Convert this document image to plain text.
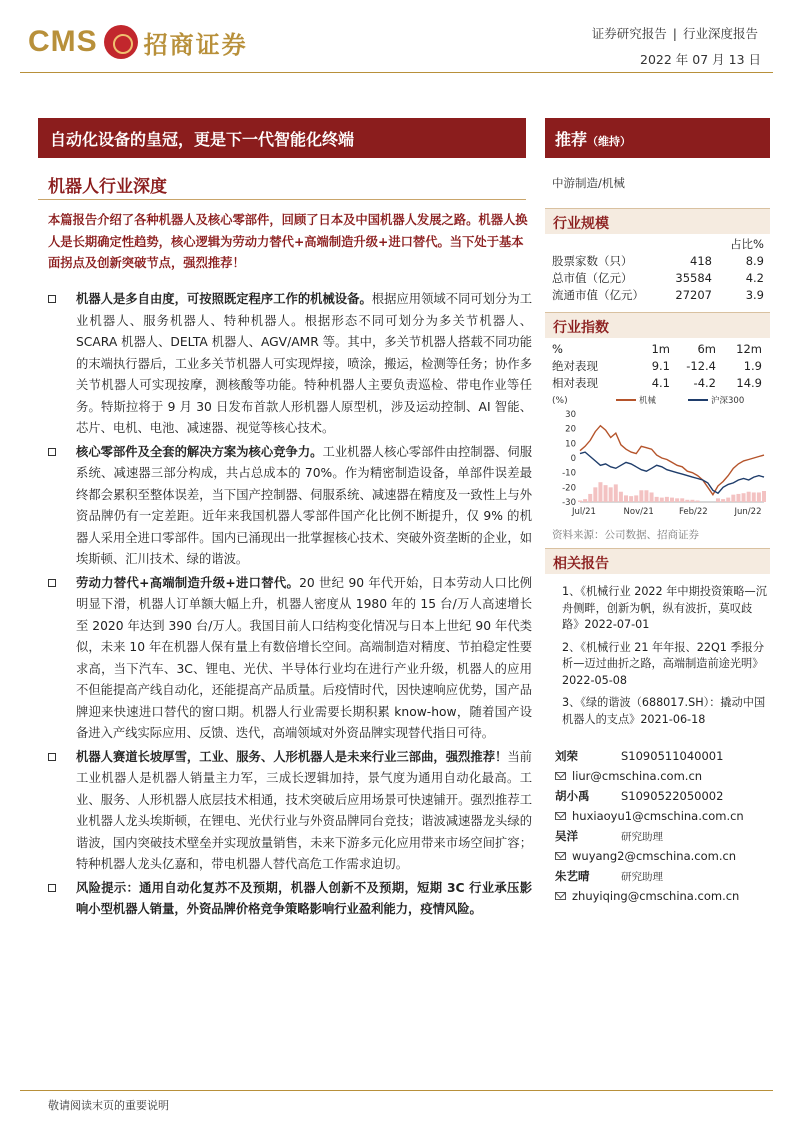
CMS 招商证券	证券研究报告 | 行业深度报告
2022 年 07 月 13 日
自动化设备的皇冠，更是下一代智能化终端
机器人行业深度
本篇报告介绍了各种机器人及核心零部件，回顾了日本及中国机器人发展之路。机器人换人是长期确定性趋势，核心逻辑为劳动力替代+高端制造升级+进口替代。当下处于基本面拐点及创新突破节点，强烈推荐！
机器人是多自由度，可按照既定程序工作的机械设备。根据应用领域不同可划分为工业机器人、服务机器人、特种机器人。根据形态不同可划分为多关节机器人、SCARA 机器人、DELTA 机器人、AGV/AMR 等。其中，多关节机器人搭载不同功能的末端执行器后，工业多关节机器人可实现焊接，喷涂，搬运，检测等任务；协作多关节机器人可实现按摩，测核酸等功能。特种机器人主要负责巡检、带电作业等任务。特斯拉将于 9 月 30 日发布首款人形机器人原型机，涉及运动控制、AI 智能、芯片、电机、电池、减速器、视觉等核心技术。
核心零部件及全套的解决方案为核心竞争力。工业机器人核心零部件由控制器、伺服系统、减速器三部分构成，共占总成本的 70%。作为精密制造设备，单部件误差最终都会累积至整体误差，当下国产控制器、伺服系统、减速器在精度及一致性上与外资品牌仍有一定差距。近年来我国机器人零部件国产化比例不断提升，仅 9% 的机器人采用全进口零部件。国内已涌现出一批掌握核心技术、突破外资垄断的企业，如埃斯顿、汇川技术、绿的谐波。
劳动力替代+高端制造升级+进口替代。20 世纪 90 年代开始，日本劳动人口比例明显下滑，机器人订单额大幅上升，机器人密度从 1980 年的 15 台/万人高速增长至 2020 年达到 390 台/万人。我国目前人口结构变化情况与日本上世纪 90 年代类似，未来 10 年在机器人保有量上有数倍增长空间。高端制造对精度、节拍稳定性要求高，当下汽车、3C、锂电、光伏、半导体行业均在进行产业升级，机器人的应用不但能提高产线自动化，还能提高产品质量。后疫情时代，因快速响应优势，国产品牌迎来快速进口替代的窗口期。机器人行业需要长期积累 know-how，随着国产设备进入产线实际应用、反馈、迭代，高端领域对外资品牌实现替代指日可待。
机器人赛道长坡厚雪，工业、服务、人形机器人是未来行业三部曲，强烈推荐！当前工业机器人是机器人销量主力军，三成长逻辑加持，景气度为通用自动化最高。工业、服务、人形机器人底层技术相通，技术突破后应用场景可快速铺开。强烈推荐工业机器人龙头埃斯顿，在锂电、光伏行业与外资品牌同台竞技；谐波减速器龙头绿的谐波，国内突破技术壁垒并实现放量销售，未来下游多元化应用带来市场空间扩容；特种机器人龙头亿嘉和，带电机器人替代高危工作需求迫切。
风险提示：通用自动化复苏不及预期，机器人创新不及预期，短期 3C 行业承压影响小型机器人销量，外资品牌价格竞争策略影响行业盈利能力，疫情风险。
推荐（维持）
中游制造/机械
行业规模
占比%
股票家数（只）	418	8.9
总市值（亿元）	35584	4.2
流通市值（亿元）	27207	3.9
行业指数
%	1m	6m	12m
绝对表现	9.1	-12.4	1.9
相对表现	4.1	-4.2	14.9
(%)
30
20
10
0
-10
-20
-30
Jul/21	Nov/21	Feb/22	Jun/22
机械	沪深300
资料来源：公司数据、招商证券
相关报告
1、《机械行业 2022 年中期投资策略—沉舟侧畔，创新为帆，纵有波折，莫叹歧路》2022-07-01
2、《机械行业 21 年年报、22Q1 季报分析—迈过曲折之路，高端制造前途光明》2022-05-08
3、《绿的谐波（688017.SH）：撬动中国机器人的支点》2021-06-18
刘荣	S1090511040001
liur@cmschina.com.cn
胡小禹	S1090522050002
huxiaoyu1@cmschina.com.cn
吴洋	研究助理
wuyang2@cmschina.com.cn
朱艺晴	研究助理
zhuyiqing@cmschina.com.cn
敬请阅读末页的重要说明
